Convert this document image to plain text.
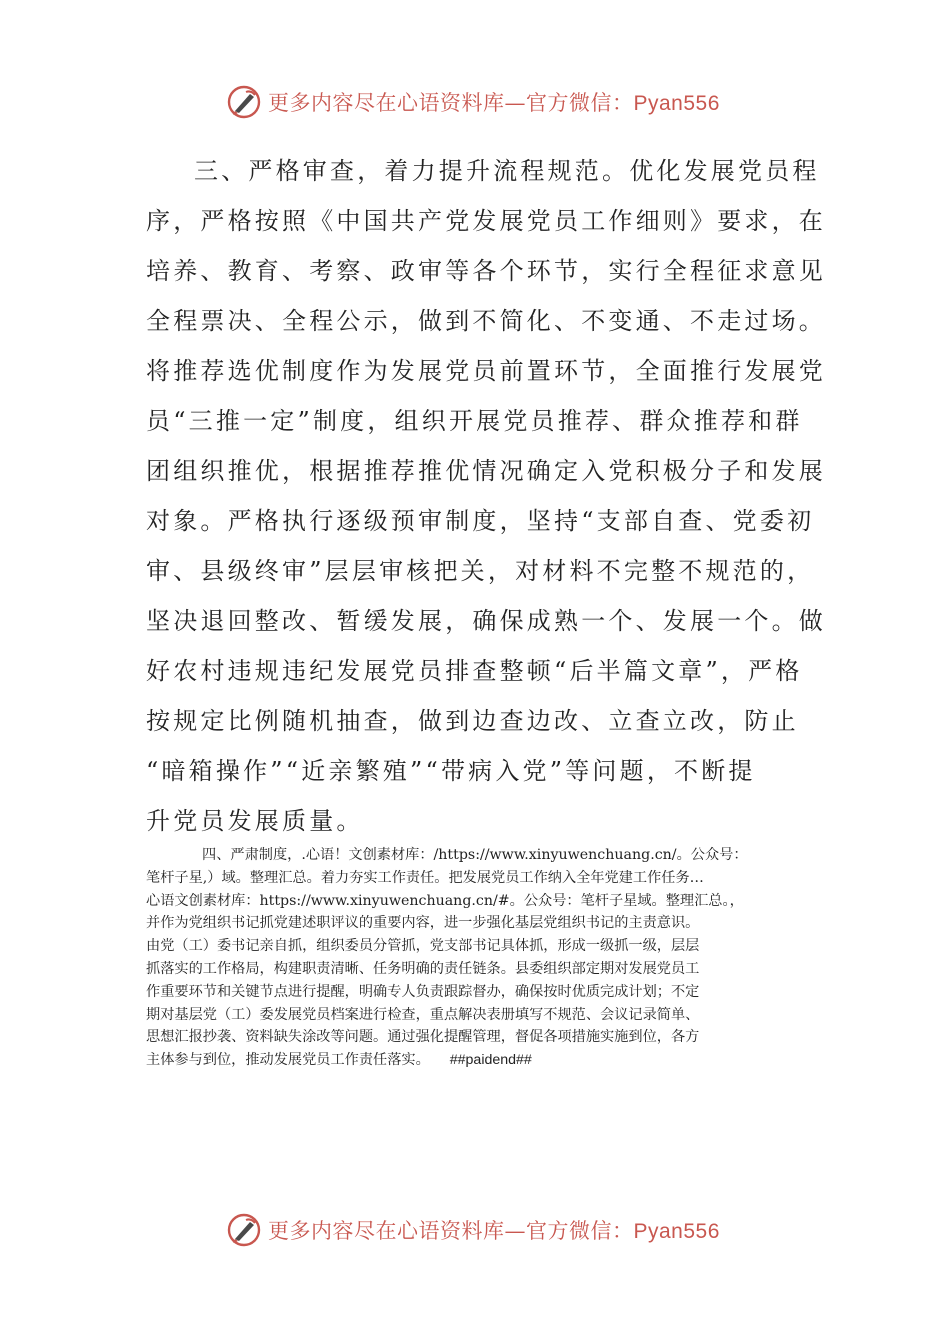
更多内容尽在心语资料库—官方微信：Pyan556
三、严格审查，着力提升流程规范。优化发展党员程
序，严格按照《中国共产党发展党员工作细则》要求，在
培养、教育、考察、政审等各个环节，实行全程征求意见
全程票决、全程公示，做到不简化、不变通、不走过场。
将推荐选优制度作为发展党员前置环节，全面推行发展党
员“三推一定”制度，组织开展党员推荐、群众推荐和群
团组织推优，根据推荐推优情况确定入党积极分子和发展
对象。严格执行逐级预审制度，坚持“支部自查、党委初
审、县级终审”层层审核把关，对材料不完整不规范的，
坚决退回整改、暂缓发展，确保成熟一个、发展一个。做
好农村违规违纪发展党员排查整顿“后半篇文章”，严格
按规定比例随机抽查，做到边查边改、立查立改，防止
“暗箱操作”“近亲繁殖”“带病入党”等问题，不断提
升党员发展质量。
四、严肃制度，.心语！文创素材库：/https://www.xinyuwenchuang.cn/。公众号：
笔杆子星,）域。整理汇总。着力夯实工作责任。把发展党员工作纳入全年党建工作任务…
心语文创素材库：https://www.xinyuwenchuang.cn/#。公众号：笔杆子星域。整理汇总。，
并作为党组织书记抓党建述职评议的重要内容，进一步强化基层党组织书记的主责意识。
由党（工）委书记亲自抓，组织委员分管抓，党支部书记具体抓，形成一级抓一级，层层
抓落实的工作格局，构建职责清晰、任务明确的责任链条。县委组织部定期对发展党员工
作重要环节和关键节点进行提醒，明确专人负责跟踪督办，确保按时优质完成计划；不定
期对基层党（工）委发展党员档案进行检查，重点解决表册填写不规范、会议记录简单、
思想汇报抄袭、资料缺失涂改等问题。通过强化提醒管理，督促各项措施实施到位，各方
主体参与到位，推动发展党员工作责任落实。 ##paidend##
更多内容尽在心语资料库—官方微信：Pyan556
